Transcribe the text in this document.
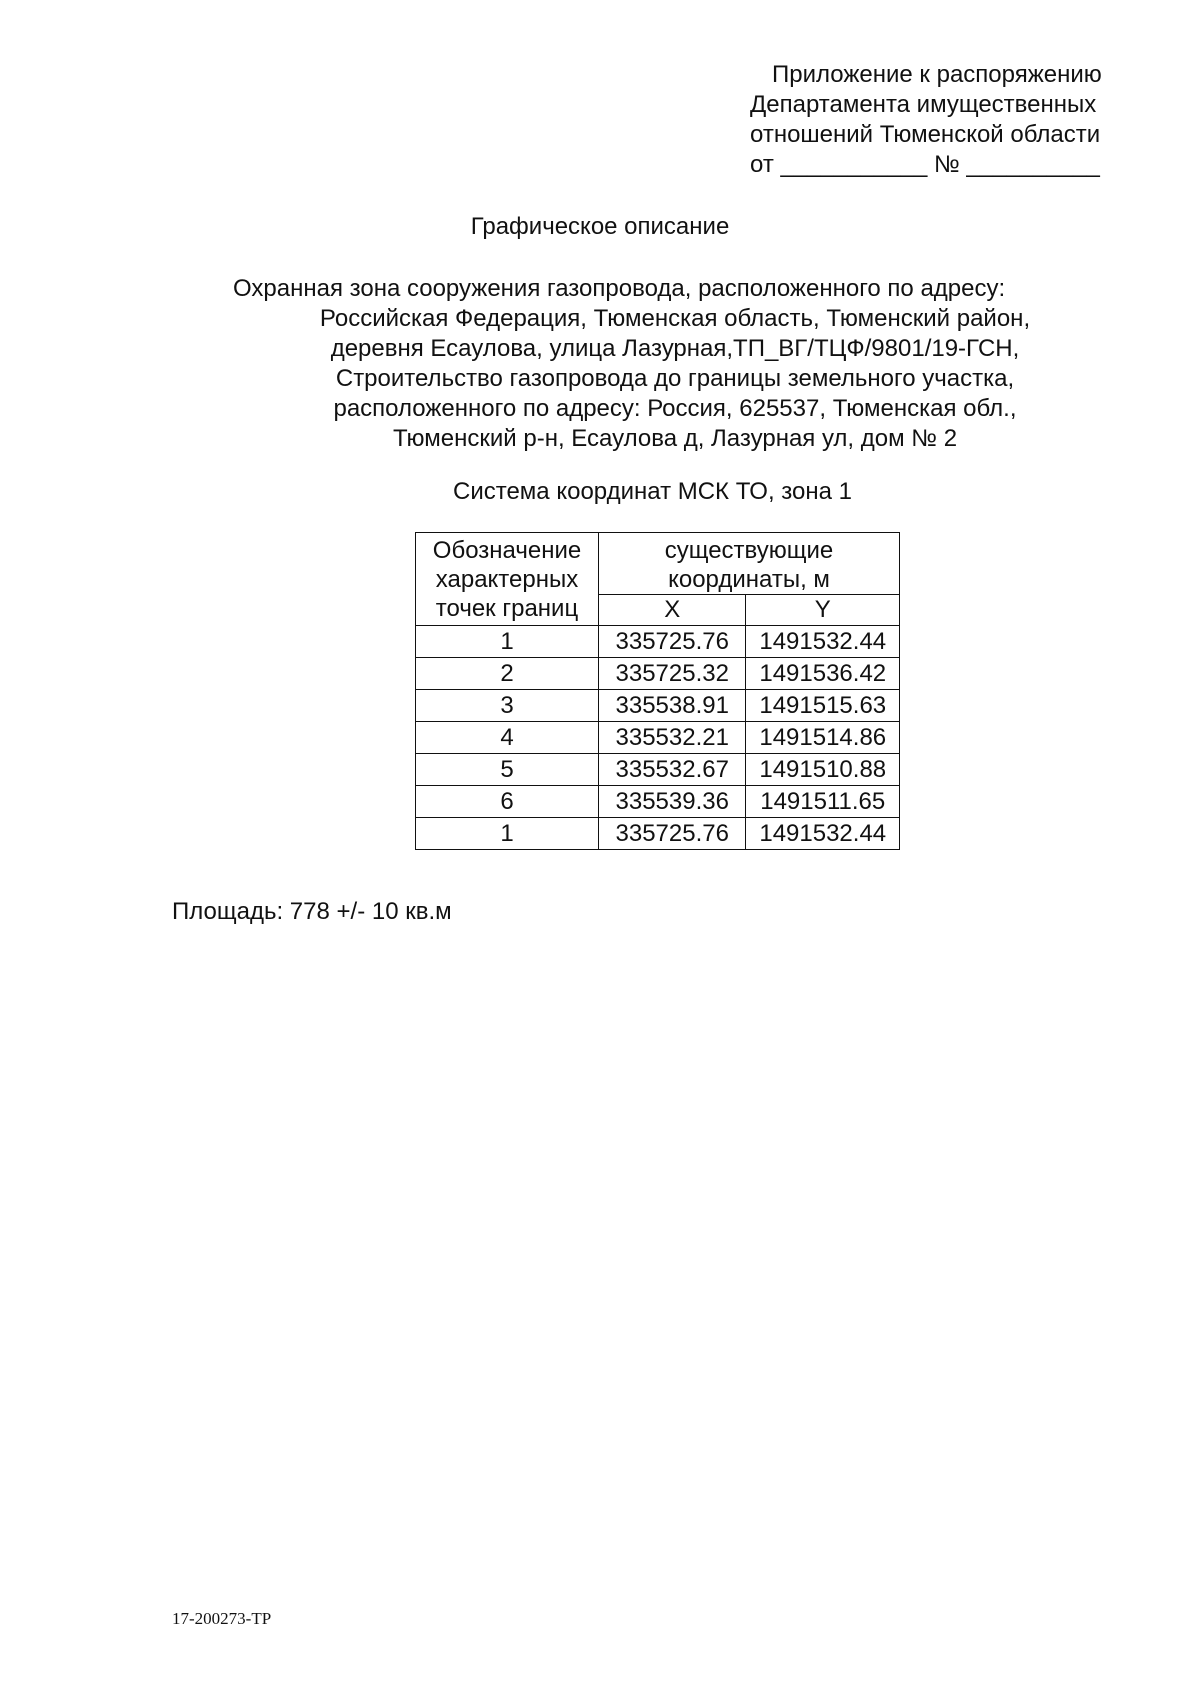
Приложение к распоряжению
Департамента имущественных
отношений Тюменской области
от ___________ № __________
Графическое описание
Охранная зона сооружения газопровода, расположенного по адресу:
Российская Федерация, Тюменская область, Тюменский район,
деревня Есаулова, улица Лазурная,ТП_ВГ/ТЦФ/9801/19-ГСН,
Строительство газопровода до границы земельного участка,
расположенного по адресу: Россия, 625537, Тюменская обл.,
Тюменский р-н, Есаулова д, Лазурная ул, дом № 2
Система координат МСК ТО, зона 1
Обозначение характерных точек границ	существующие координаты, м	
	X	Y
1	335725.76	1491532.44
2	335725.32	1491536.42
3	335538.91	1491515.63
4	335532.21	1491514.86
5	335532.67	1491510.88
6	335539.36	1491511.65
1	335725.76	1491532.44
Площадь: 778 +/- 10 кв.м
17-200273-TP
